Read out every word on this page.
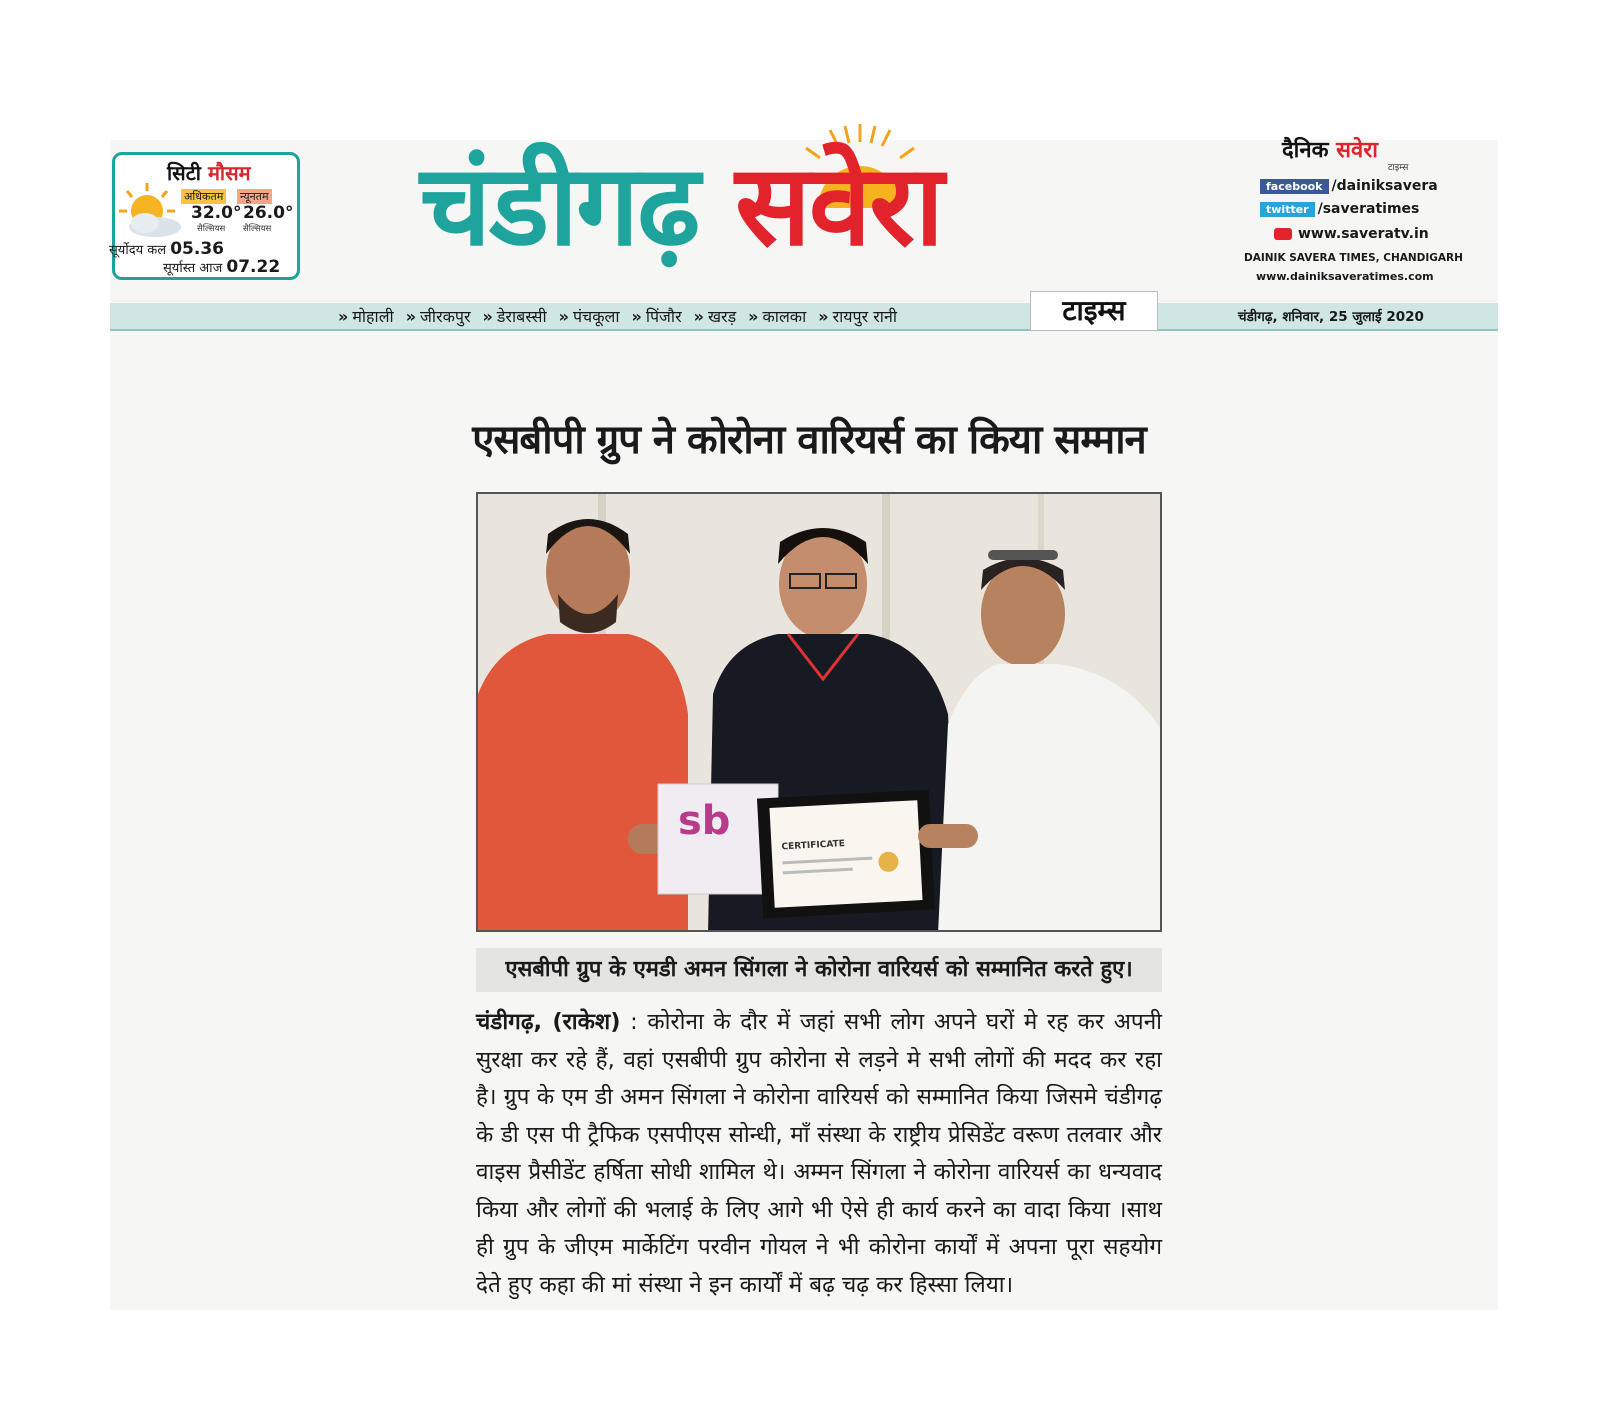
सिटी मौसम
अधिकतम न्यूनतम
32.0° 26.0°
सैल्सियस सैल्सियस
सूर्योदय कल 05.36
सूर्यास्त आज 07.22 चंडीगढ़ सवेरा	दैनिक सवेरा
टाइम्स
facebook /dainiksavera
twitter /saveratimes
www.saveratv.in
DAINIK SAVERA TIMES, CHANDIGARH
www.dainiksaveratimes.com
» मोहाली » जीरकपुर » डेराबस्सी » पंचकूला » पिंजौर » खरड़ » कालका » रायपुर रानी	टाइम्स	चंडीगढ़, शनिवार, 25 जुलाई 2020
एसबीपी ग्रुप ने कोरोना वारियर्स का किया सम्मान
sb
CERTIFICATE
एसबीपी ग्रुप के एमडी अमन सिंगला ने कोरोना वारियर्स को सम्मानित करते हुए।
चंडीगढ़, (राकेश) : कोरोना के दौर में जहां सभी लोग अपने घरों मे रह कर अपनी सुरक्षा कर रहे हैं, वहां एसबीपी ग्रुप कोरोना से लड़ने मे सभी लोगों की मदद कर रहा है। ग्रुप के एम डी अमन सिंगला ने कोरोना वारियर्स को सम्मानित किया जिसमे चंडीगढ़ के डी एस पी ट्रैफिक एसपीएस सोन्धी, माँ संस्था के राष्ट्रीय प्रेसिडेंट वरूण तलवार और वाइस प्रैसीडेंट हर्षिता सोधी शामिल थे। अम्मन सिंगला ने कोरोना वारियर्स का धन्यवाद किया और लोगों की भलाई के लिए आगे भी ऐसे ही कार्य करने का वादा किया ।साथ ही ग्रुप के जीएम मार्केटिंग परवीन गोयल ने भी कोरोना कार्यों में अपना पूरा सहयोग देते हुए कहा की मां संस्था ने इन कार्यों में बढ़ चढ़ कर हिस्सा लिया।
